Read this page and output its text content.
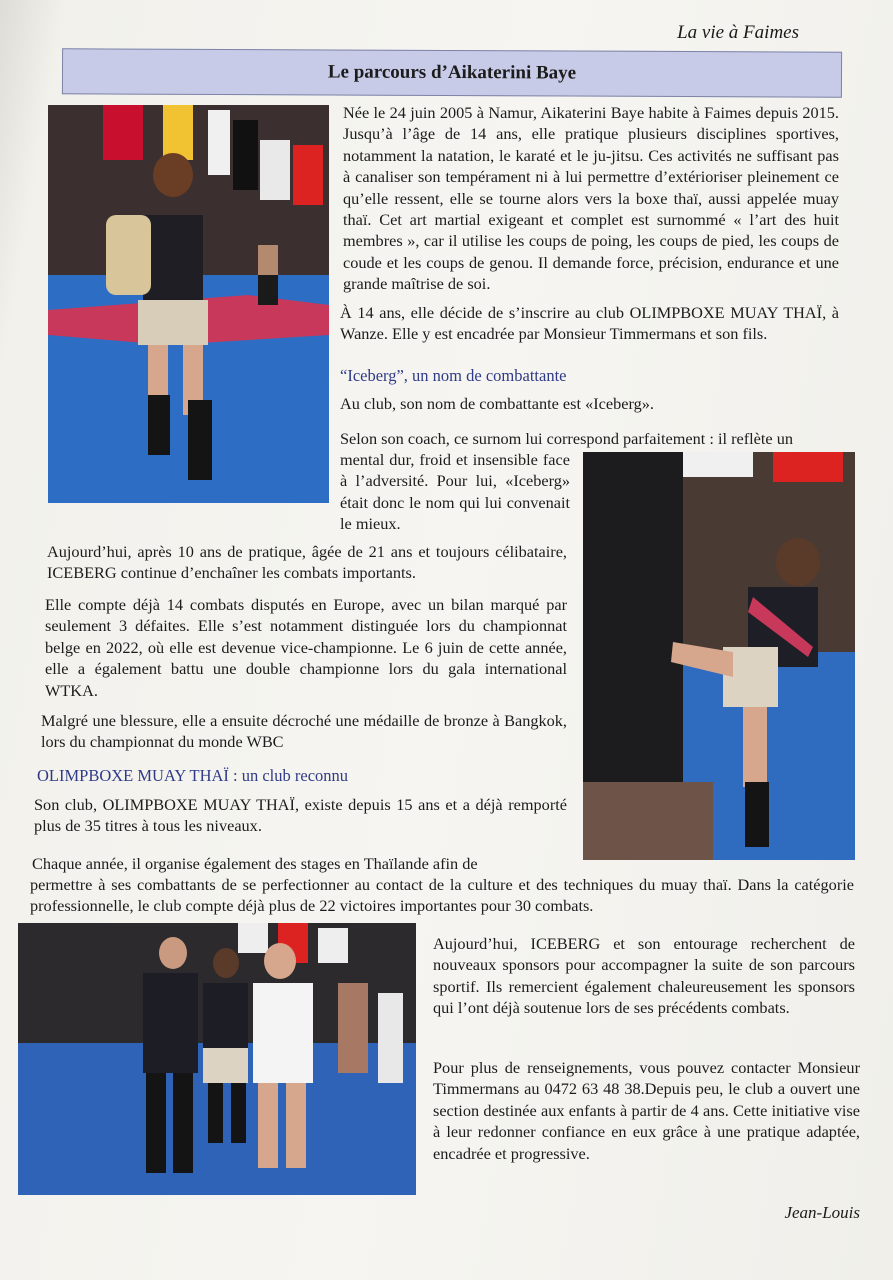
La vie à Faimes
Le parcours d’Aikaterini Baye

Née le 24 juin 2005 à Namur, Aikaterini Baye habite à Faimes depuis 2015. Jusqu’à l’âge de 14 ans, elle pratique plusieurs disciplines sportives, notamment la natation, le karaté et le ju-jitsu. Ces activités ne suffisant pas à canaliser son tempérament ni à lui permettre d’extérioriser pleinement ce qu’elle ressent, elle se tourne alors vers la boxe thaï, aussi appelée muay thaï. Cet art martial exigeant et complet est surnommé « l’art des huit membres », car il utilise les coups de poing, les coups de pied, les coups de coude et les coups de genou. Il demande force, précision, endurance et une grande maîtrise de soi.

À 14 ans, elle décide de s’inscrire au club OLIMPBOXE MUAY THAÏ, à Wanze. Elle y est encadrée par Monsieur Timmermans et son fils.

“Iceberg”, un nom de combattante

Au club, son nom de combattante est «Iceberg».

Selon son coach, ce surnom lui correspond parfaitement : il reflète un

mental dur, froid et insensible face à l’adversité. Pour lui, «Iceberg» était donc le nom qui lui convenait le mieux.

Aujourd’hui, après 10 ans de pratique, âgée de 21 ans et toujours célibataire, ICEBERG continue d’enchaîner les combats importants.

Elle compte déjà 14 combats disputés en Europe, avec un bilan marqué par seulement 3 défaites. Elle s’est notamment distinguée lors du championnat belge en 2022, où elle est devenue vice-championne. Le 6 juin de cette année, elle a également battu une double championne lors du gala international WTKA.

Malgré une blessure, elle a ensuite décroché une médaille de bronze à Bangkok, lors du championnat du monde WBC

OLIMPBOXE MUAY THAÏ : un club reconnu

Son club, OLIMPBOXE MUAY THAÏ, existe depuis 15 ans et a déjà remporté plus de 35 titres à tous les niveaux.

Chaque année, il organise également des stages en Thaïlande afin de

permettre à ses combattants de se perfectionner au contact de la culture et des techniques du muay thaï. Dans la catégorie professionnelle, le club compte déjà plus de 22 victoires importantes pour 30 combats.

Aujourd’hui, ICEBERG et son entourage recherchent de nouveaux sponsors pour accompagner la suite de son parcours sportif. Ils remercient également chaleureusement les sponsors qui l’ont déjà soutenue lors de ses précédents combats.

Pour plus de renseignements, vous pouvez contacter Monsieur Timmermans au 0472 63 48 38.Depuis peu, le club a ouvert une section destinée aux enfants à partir de 4 ans. Cette initiative vise à leur redonner confiance en eux grâce à une pratique adaptée, encadrée et progressive.

Jean-Louis
